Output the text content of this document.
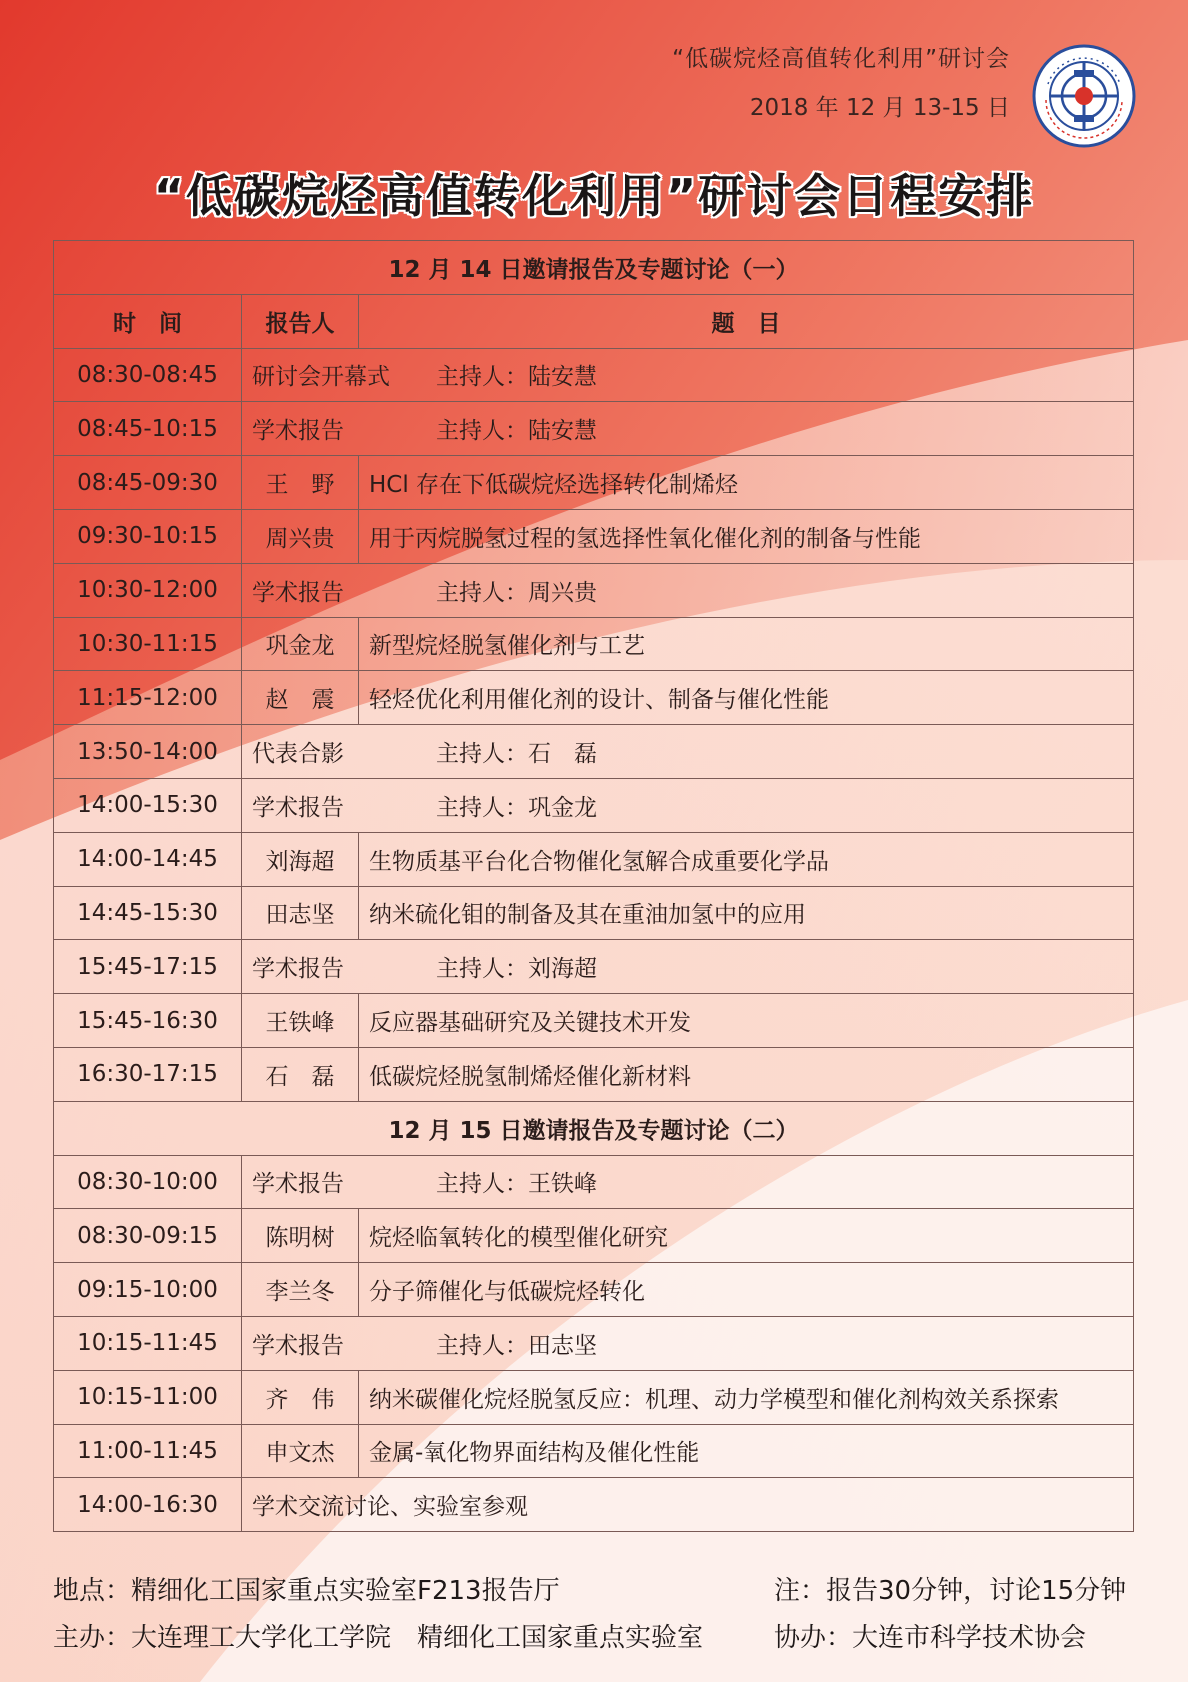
“低碳烷烃高值转化利用”研讨会
2018 年 12 月 13-15 日
“低碳烷烃高值转化利用”研讨会日程安排
12 月 14 日邀请报告及专题讨论（一）		
时　间	报告人	题　目
08:30-08:45	研讨会开幕式 主持人：陆安慧	
08:45-10:15	学术报告 主持人：陆安慧	
08:45-09:30	王　野	HCl 存在下低碳烷烃选择转化制烯烃
09:30-10:15	周兴贵	用于丙烷脱氢过程的氢选择性氧化催化剂的制备与性能
10:30-12:00	学术报告 主持人：周兴贵	
10:30-11:15	巩金龙	新型烷烃脱氢催化剂与工艺
11:15-12:00	赵　震	轻烃优化利用催化剂的设计、制备与催化性能
13:50-14:00	代表合影 主持人：石　磊	
14:00-15:30	学术报告 主持人：巩金龙	
14:00-14:45	刘海超	生物质基平台化合物催化氢解合成重要化学品
14:45-15:30	田志坚	纳米硫化钼的制备及其在重油加氢中的应用
15:45-17:15	学术报告 主持人：刘海超	
15:45-16:30	王铁峰	反应器基础研究及关键技术开发
16:30-17:15	石　磊	低碳烷烃脱氢制烯烃催化新材料
12 月 15 日邀请报告及专题讨论（二）		
08:30-10:00	学术报告 主持人：王铁峰	
08:30-09:15	陈明树	烷烃临氧转化的模型催化研究
09:15-10:00	李兰冬	分子筛催化与低碳烷烃转化
10:15-11:45	学术报告 主持人：田志坚	
10:15-11:00	齐　伟	纳米碳催化烷烃脱氢反应：机理、动力学模型和催化剂构效关系探索
11:00-11:45	申文杰	金属-氧化物界面结构及催化性能
14:00-16:30	学术交流讨论、实验室参观	
地点：精细化工国家重点实验室F213报告厅	注：报告30分钟，讨论15分钟
主办：大连理工大学化工学院　精细化工国家重点实验室	协办：大连市科学技术协会
